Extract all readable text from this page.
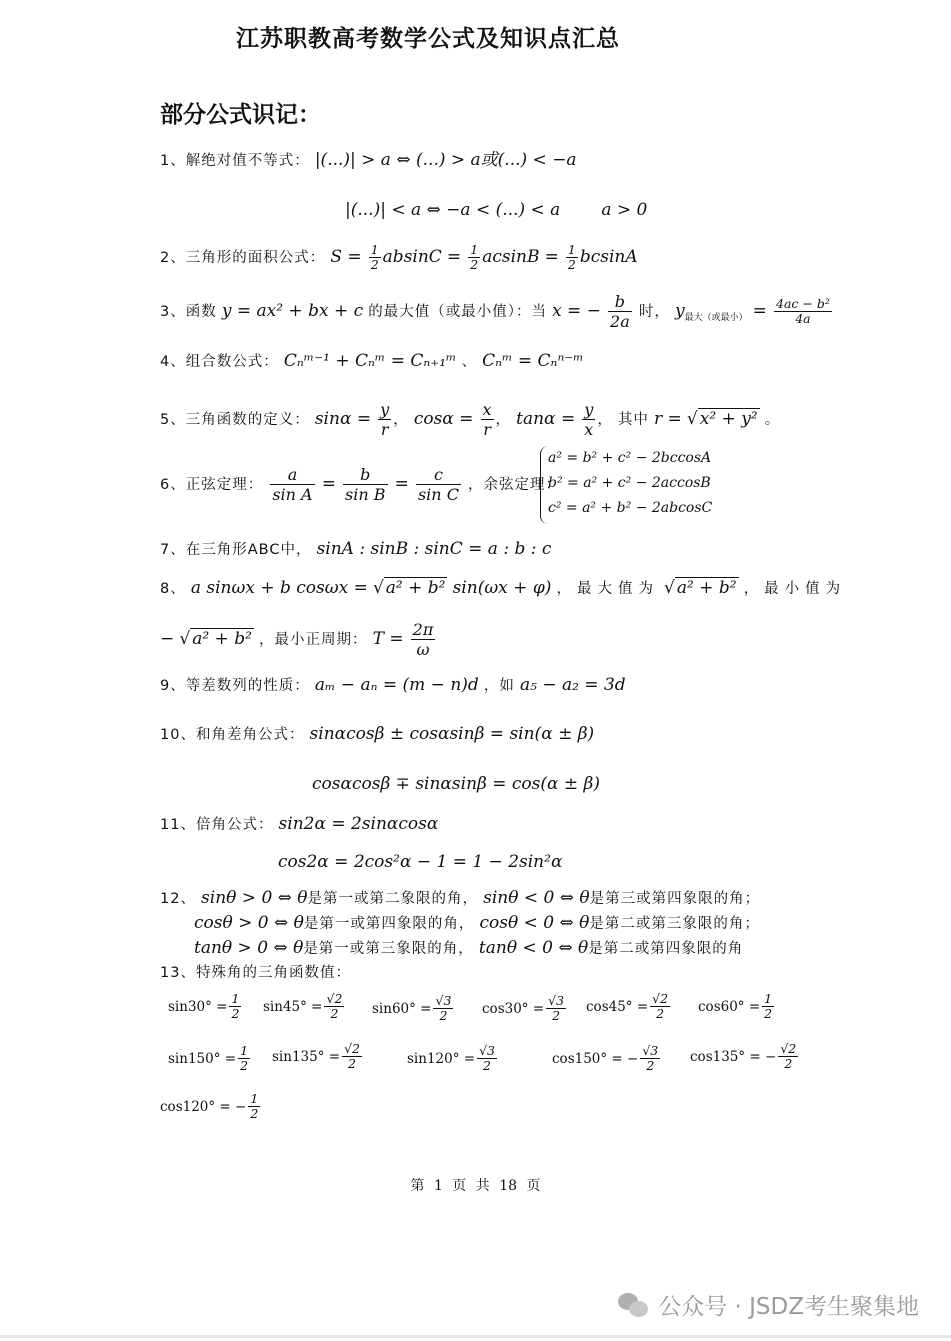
江苏职教高考数学公式及知识点汇总
部分公式识记：
1、解绝对值不等式： |(...)| > a ⇔ (...) > a或(...) < −a
|(...)| < a ⇔ −a < (...) < a a > 0
2、三角形的面积公式： $S = \frac{1}{2}$ $absinC = \frac{1}{2}$ $acsinB = \frac{1}{2}$ bcsinA
3、函数 y = ax² + bx + c 的最大值（或最小值）：当 x = − $\frac{b}{2a}$ 时， $y_{最大(或最小)} = \frac{\text{4ac − b²}}{4a}$
4、组合数公式： Cₙᵐ⁻¹ + Cₙᵐ = Cₙ₊₁ᵐ 、 Cₙᵐ = Cₙⁿ⁻ᵐ
5、三角函数的定义： $\sin\alpha = \frac{y}{r}$ ， $\cos\alpha = \frac{x}{r}$ ， $\tan\alpha = \frac{y}{x}$ ， 其中 r = √ x² + y² 。
6、正弦定理： $\frac{a}{\text{sin A}} = \frac{b}{\text{sin B}} = \frac{c}{\text{sin C}}$ ，余弦定理：
a² = b² + c² − 2bccosA
b² = a² + c² − 2accosB
c² = a² + b² − 2abcosC
7、在三角形ABC中， sinA : sinB : sinC = a : b : c
8、 a sinωx + b cosωx = √ a² + b² sin(ωx + φ) ，最大值为 √ a² + b² ，最小值为
− √ a² + b² ，最小正周期： $T = \frac{2\pi}{\omega}$
9、等差数列的性质： aₘ − aₙ = (m − n)d ，如 a₅ − a₂ = 3d
10、和角差角公式： sinαcosβ ± cosαsinβ = sin(α ± β)
cosαcosβ ∓ sinαsinβ = cos(α ± β)
11、倍角公式： sin2α = 2sinαcosα
cos2α = 2cos²α − 1 = 1 − 2sin²α
12、 sinθ > 0 ⇔ θ是第一或第二象限的角， sinθ < 0 ⇔ θ是第三或第四象限的角；
cosθ > 0 ⇔ θ是第一或第四象限的角， cosθ < 0 ⇔ θ是第二或第三象限的角；
tanθ > 0 ⇔ θ是第一或第三象限的角， tanθ < 0 ⇔ θ是第二或第四象限的角
13、特殊角的三角函数值：
$\sin 30^\circ = \frac{1}{2} \sin 45^\circ = \frac{√2}{2} \sin 60^\circ = \frac{√3}{2} \cos 30^\circ = \frac{√3}{2} \cos 45^\circ = \frac{√2}{2} \cos 60^\circ = \frac{1}{2}$
$\sin 150^\circ = \frac{1}{2} \sin 135^\circ = \frac{√2}{2}$	$\sin 120^\circ = \frac{√3}{2}$	cos150° = − $\frac{√3}{2} \cos 135^\circ$ = − $\frac{√2}{2}$
cos120° = − $\frac{1}{2}$
第 1 页 共 18 页
公众号 · JSDZ考生聚集地
